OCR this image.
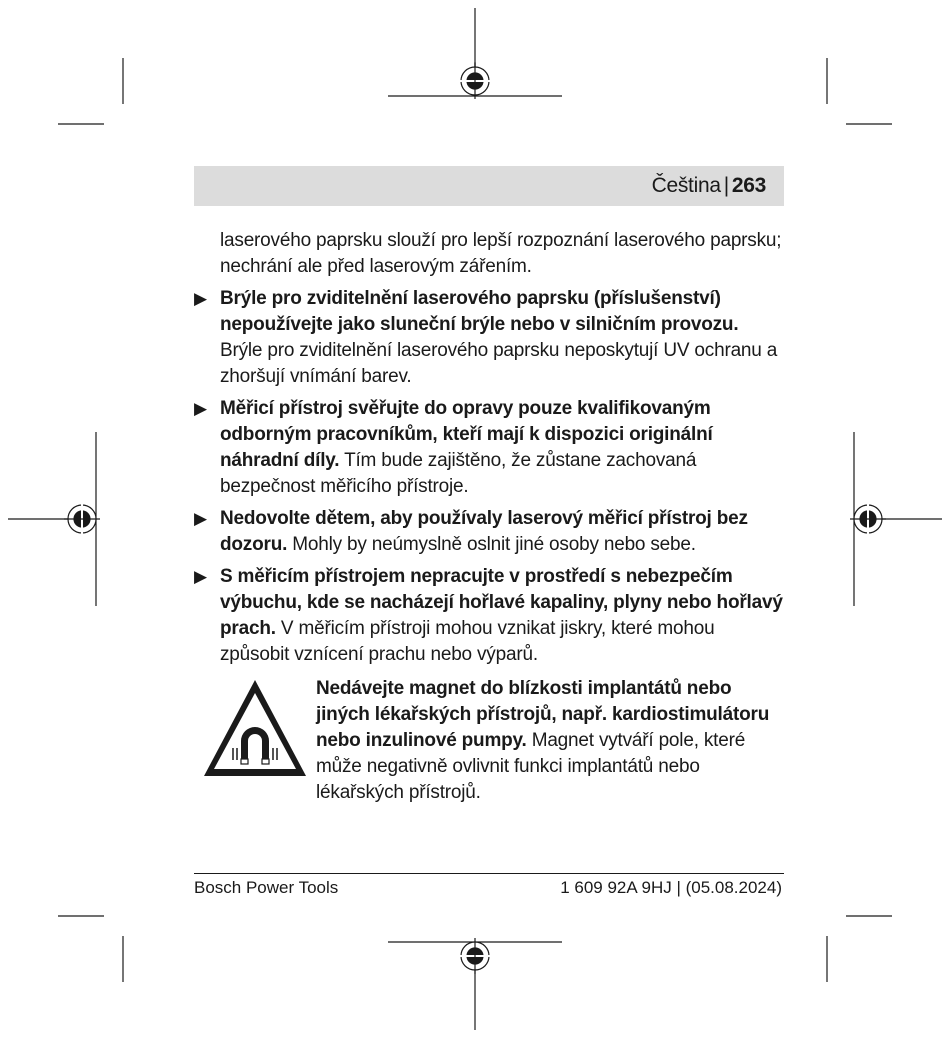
Čeština | 263

laserového paprsku slouží pro lepší rozpoznání laserového paprsku; nechrání ale před laserovým zářením.

▶ Brýle pro zviditelnění laserového paprsku (příslušenství) nepoužívejte jako sluneční brýle nebo v silničním provozu. Brýle pro zviditelnění laserového paprsku neposkytují UV ochranu a zhoršují vnímání barev.

▶ Měřicí přístroj svěřujte do opravy pouze kvalifikovaným odborným pracovníkům, kteří mají k dispozici originální náhradní díly. Tím bude zajištěno, že zůstane zachovaná bezpečnost měřicího přístroje.

▶ Nedovolte dětem, aby používaly laserový měřicí přístroj bez dozoru. Mohly by neúmyslně oslnit jiné osoby nebo sebe.

▶ S měřicím přístrojem nepracujte v prostředí s nebezpečím výbuchu, kde se nacházejí hořlavé kapaliny, plyny nebo hořlavý prach. V měřicím přístroji mohou vznikat jiskry, které mohou způsobit vznícení prachu nebo výparů.

Nedávejte magnet do blízkosti implantátů nebo jiných lékařských přístrojů, např. kardiostimulátoru nebo inzulinové pumpy. Magnet vytváří pole, které může negativně ovlivnit funkci implantátů nebo lékařských přístrojů.

Bosch Power Tools	1 609 92A 9HJ | (05.08.2024)
